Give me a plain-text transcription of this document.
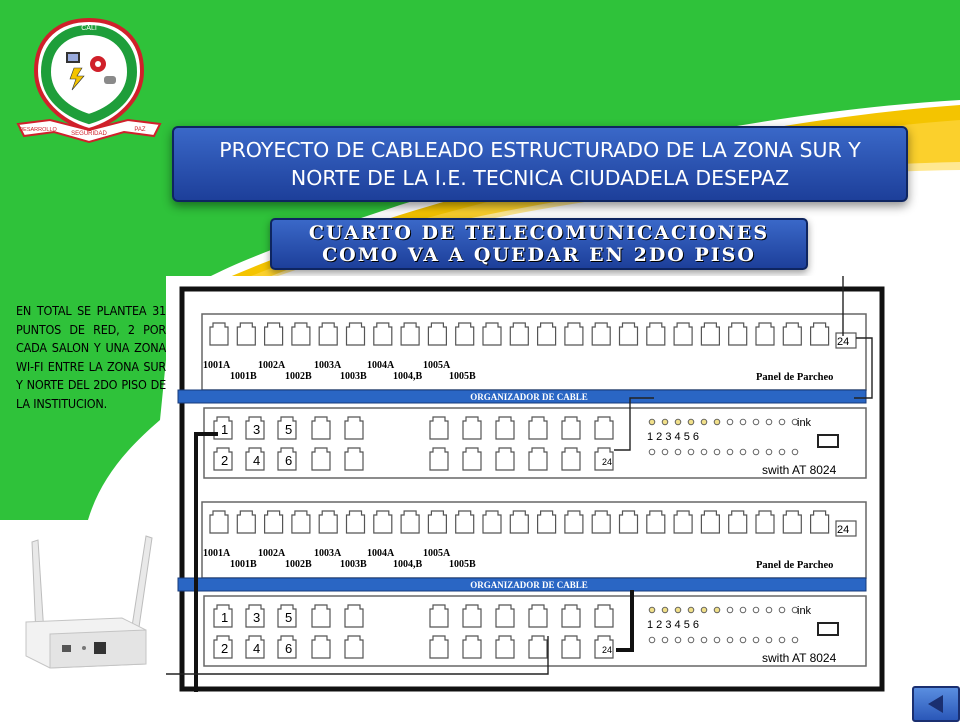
CALI
DESARROLLO
SEGURIDAD
PAZ
PROYECTO DE CABLEADO ESTRUCTURADO DE LA ZONA SUR Y
NORTE DE LA I.E. TECNICA CIUDADELA DESEPAZ
CUARTO DE TELECOMUNICACIONES
COMO VA A QUEDAR EN 2DO PISO
EN TOTAL SE PLANTEA 31 PUNTOS DE RED, 2 POR CADA SALON Y UNA ZONA WI-FI ENTRE LA ZONA SUR Y NORTE DEL 2DO PISO DE LA INSTITUCION.
24
1001A	1002A	1003A	1004A	1005A
1001B	1002B	1003B	1004,B	1005B	Panel de Parcheo
ORGANIZADOR DE CABLE
1 3 5
2 4 6	24
ink
1 2 3 4 5 6
swith AT 8024
24
1001A	1002A	1003A	1004A	1005A
1001B	1002B	1003B	1004,B	1005B	Panel de Parcheo
ORGANIZADOR DE CABLE
1 3 5
2 4 6	24
ink
1 2 3 4 5 6
swith AT 8024
